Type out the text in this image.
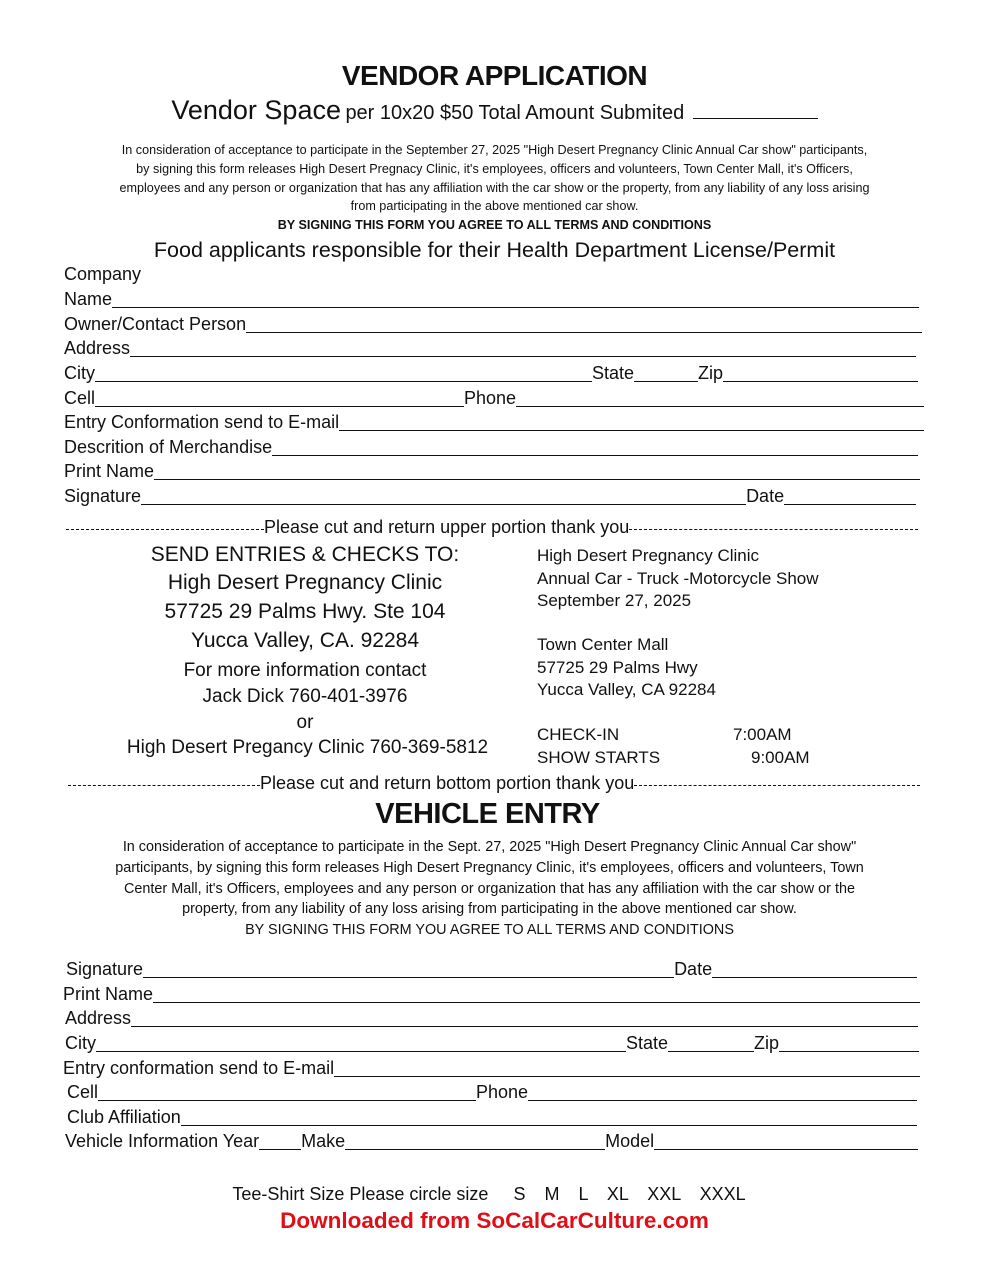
VENDOR APPLICATION
Vendor Space per 10x20 $50 Total Amount Submited
In consideration of acceptance to participate in the September 27, 2025 "High Desert Pregnancy Clinic Annual Car show" participants,
by signing this form releases High Desert Pregnacy Clinic, it's employees, officers and volunteers, Town Center Mall, it's Officers,
employees and any person or organization that has any affiliation with the car show or the property, from any liability of any loss arising
from participating in the above mentioned car show.
BY SIGNING THIS FORM YOU AGREE TO ALL TERMS AND CONDITIONS
Food applicants responsible for their Health Department License/Permit
Company
Name
Owner/Contact Person
Address
City	State	Zip
Cell	Phone
Entry Conformation send to E-mail
Descrition of Merchandise
Print Name
Signature	Date
Please cut and return upper portion thank you
SEND ENTRIES & CHECKS TO:
High Desert Pregnancy Clinic
57725 29 Palms Hwy. Ste 104
Yucca Valley, CA. 92284
For more information contact
Jack Dick 760-401-3976
or
High Desert Pregancy Clinic 760-369-5812
High Desert Pregnancy Clinic
Annual Car - Truck -Motorcycle Show
September 27, 2025
Town Center Mall
57725 29 Palms Hwy
Yucca Valley, CA 92284
CHECK-IN	7:00AM
SHOW STARTS	9:00AM
Please cut and return bottom portion thank you
VEHICLE ENTRY
In consideration of acceptance to participate in the Sept. 27, 2025 "High Desert Pregnancy Clinic Annual Car show"
participants, by signing this form releases High Desert Pregnancy Clinic, it's employees, officers and volunteers, Town
Center Mall, it's Officers, employees and any person or organization that has any affiliation with the car show or the
property, from any liability of any loss arising from participating in the above mentioned car show.
BY SIGNING THIS FORM YOU AGREE TO ALL TERMS AND CONDITIONS
Signature	Date
Print Name
Address
City	State	Zip
Entry conformation send to E-mail
Cell	Phone
Club Affiliation
Vehicle Information Year Make	Model
Tee-Shirt Size Please circle size S M L XL XXL XXXL
Downloaded from SoCalCarCulture.com
